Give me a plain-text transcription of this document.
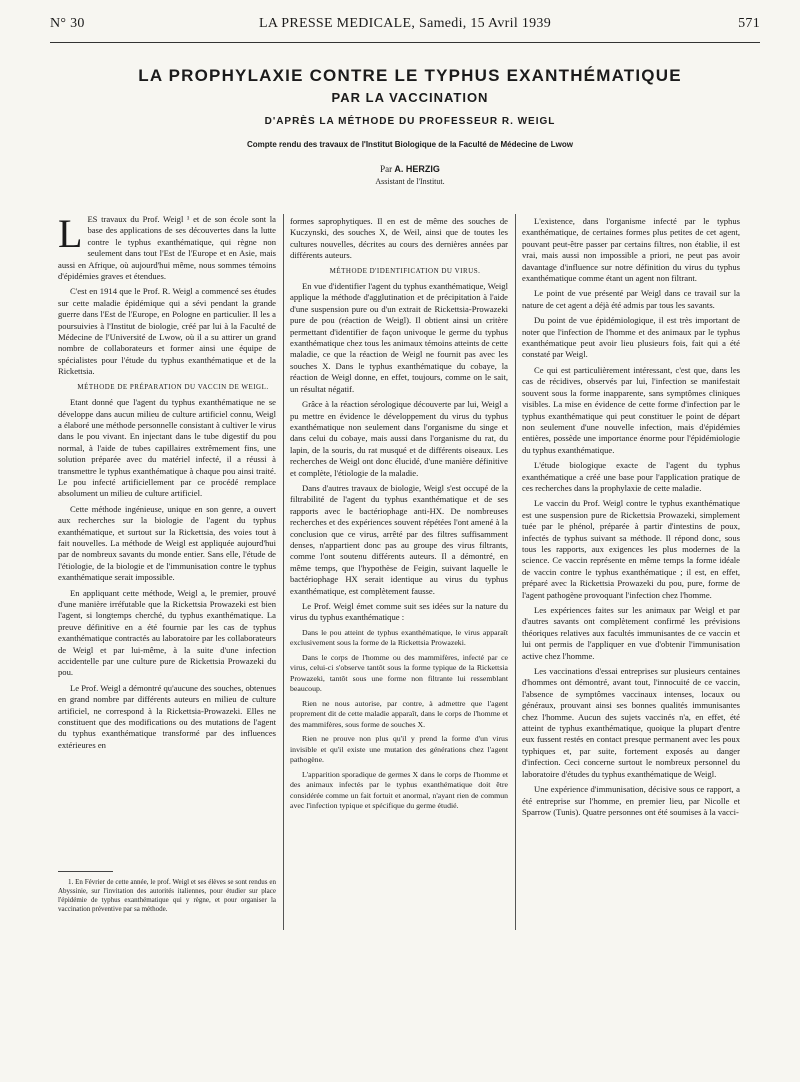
N° 30	LA PRESSE MEDICALE, Samedi, 15 Avril 1939	571
LA PROPHYLAXIE CONTRE LE TYPHUS EXANTHÉMATIQUE
PAR LA VACCINATION
D'APRÈS LA MÉTHODE DU PROFESSEUR R. WEIGL
Compte rendu des travaux de l'Institut Biologique de la Faculté de Médecine de Lwow
Par A. HERZIG
Assistant de l'Institut.

LES travaux du Prof. Weigl ¹ et de son école sont la base des applications de ses découvertes dans la lutte contre le typhus exanthématique, qui règne non seulement dans tout l'Est de l'Europe et en Asie, mais aussi en Afrique, où aujourd'hui même, nous sommes témoins d'épidémies graves et étendues.

C'est en 1914 que le Prof. R. Weigl a commencé ses études sur cette maladie épidémique qui a sévi pendant la grande guerre dans l'Est de l'Europe, en Pologne en particulier. Il les a poursuivies à l'Institut de biologie, créé par lui à la Faculté de Médecine de l'Université de Lwow, où il a su attirer un grand nombre de collaborateurs et former ainsi une équipe de spécialistes pour l'étude du typhus exanthématique et de la Rickettsia.

MÉTHODE DE PRÉPARATION DU VACCIN DE WEIGL.

Etant donné que l'agent du typhus exanthématique ne se développe dans aucun milieu de culture artificiel connu, Weigl a élaboré une méthode personnelle consistant à cultiver le virus dans le pou vivant. En injectant dans le tube digestif du pou normal, à l'aide de tubes capillaires extrêmement fins, une solution préparée avec du matériel infecté, il a réussi à transmettre le typhus exanthématique à chaque pou ainsi traité. Le pou infecté artificiellement par ce procédé remplace absolument un milieu de culture artificiel.

Cette méthode ingénieuse, unique en son genre, a ouvert aux recherches sur la biologie de l'agent du typhus exanthématique, et surtout sur la Rickettsia, des voies tout à fait nouvelles. La méthode de Weigl est appliquée aujourd'hui par de nombreux savants du monde entier. Sans elle, l'étude de l'étiologie, de la biologie et de l'immunisation contre le typhus exanthématique serait impossible.

En appliquant cette méthode, Weigl a, le premier, prouvé d'une manière irréfutable que la Rickettsia Prowazeki est bien l'agent, si longtemps cherché, du typhus exanthématique. La preuve définitive en a été fournie par les cas de typhus exanthématique contractés au laboratoire par les collaborateurs de Weigl et par lui-même, à la suite d'une infection accidentelle par une culture pure de Rickettsia Prowazeki du pou.

Le Prof. Weigl a démontré qu'aucune des souches, obtenues en grand nombre par différents auteurs en milieu de culture artificiel, ne correspond à la Rickettsia-Prowazeki. Elles ne constituent que des modifications ou des mutations de l'agent du typhus exanthématique transformé par des influences extérieures en

1. En Février de cette année, le prof. Weigl et ses élèves se sont rendus en Abyssinie, sur l'invitation des autorités italiennes, pour étudier sur place l'épidémie de typhus exanthématique qui y règne, et pour organiser la vaccination préventive par sa méthode.

formes saprophytiques. Il en est de même des souches de Kuczynski, des souches X, de Weil, ainsi que de toutes les cultures nouvelles, décrites au cours des dernières années par différents auteurs.

MÉTHODE D'IDENTIFICATION DU VIRUS.

En vue d'identifier l'agent du typhus exanthématique, Weigl applique la méthode d'agglutination et de précipitation à l'aide d'une suspension pure ou d'un extrait de Rickettsia-Prowazeki pure de pou (réaction de Weigl). Il obtient ainsi un critère permettant d'identifier de façon univoque le germe du typhus exanthématique chez tous les animaux témoins atteints de cette maladie, ce que la réaction de Weigl ne fournit pas avec les souches X. Dans le typhus exanthématique du cobaye, la réaction de Weigl donne, en effet, toujours, comme on le sait, un résultat négatif.

Grâce à la réaction sérologique découverte par lui, Weigl a pu mettre en évidence le développement du virus du typhus exanthématique non seulement dans l'organisme du singe et dans celui du cobaye, mais aussi dans l'organisme du rat, du lapin, de la souris, du rat musqué et de différents oiseaux. Les recherches de Weigl ont donc élucidé, d'une manière définitive et complète, l'étiologie de la maladie.

Dans d'autres travaux de biologie, Weigl s'est occupé de la filtrabilité de l'agent du typhus exanthématique et de ses rapports avec le bactériophage anti-HX. De nombreuses recherches et des expériences souvent répétées l'ont amené à la conclusion que ce virus, arrêté par des filtres suffisamment denses, n'appartient donc pas au groupe des virus filtrants, comme l'ont soutenu différents auteurs. Il a démontré, en même temps, que l'hypothèse de Feigin, suivant laquelle le bactériophage HX serait identique au virus du typhus exanthématique, est complètement fausse.

Le Prof. Weigl émet comme suit ses idées sur la nature du virus du typhus exanthématique :

Dans le pou atteint de typhus exanthématique, le virus apparaît exclusivement sous la forme de la Rickettsia Prowazeki.

Dans le corps de l'homme ou des mammifères, infecté par ce virus, celui-ci s'observe tantôt sous la forme typique de la Rickettsia Prowazeki, tantôt sous une forme non filtrante lui ressemblant beaucoup.

Rien ne nous autorise, par contre, à admettre que l'agent proprement dit de cette maladie apparaît, dans le corps de l'homme et des mammifères, sous forme de souches X.

Rien ne prouve non plus qu'il y prend la forme d'un virus invisible et qu'il existe une mutation des générations chez l'agent pathogène.

L'apparition sporadique de germes X dans le corps de l'homme et des animaux infectés par le typhus exanthématique doit être considérée comme un fait fortuit et anormal, n'ayant rien de commun avec l'infection typique et spécifique du germe étudié.

L'existence, dans l'organisme infecté par le typhus exanthématique, de certaines formes plus petites de cet agent, pouvant peut-être passer par certains filtres, non établie, il est vrai, mais aussi non impossible a priori, ne peut pas avoir davantage d'influence sur notre définition du virus du typhus exanthématique comme étant un agent non filtrant.

Le point de vue présenté par Weigl dans ce travail sur la nature de cet agent a déjà été admis par tous les savants.

Du point de vue épidémiologique, il est très important de noter que l'infection de l'homme et des animaux par le typhus exanthématique peut avoir lieu plusieurs fois, fait qui a été constaté par Weigl.

Ce qui est particulièrement intéressant, c'est que, dans les cas de récidives, observés par lui, l'infection se manifestait souvent sous la forme inapparente, sans symptômes cliniques visibles. La mise en évidence de cette forme d'infection par le typhus exanthématique qui peut constituer le point de départ non seulement d'une nouvelle infection, mais d'épidémies entières, possède une importance énorme pour l'épidémiologie du typhus exanthématique.

L'étude biologique exacte de l'agent du typhus exanthématique a créé une base pour l'application pratique de ces recherches dans la prophylaxie de cette maladie.

Le vaccin du Prof. Weigl contre le typhus exanthématique est une suspension pure de Rickettsia Prowazeki, simplement tuée par le phénol, préparée à partir d'intestins de poux, infectés de typhus suivant sa méthode. Il répond donc, sous tous les rapports, aux exigences les plus modernes de la science. Ce vaccin représente en même temps la forme idéale de vaccin contre le typhus exanthématique ; il est, en effet, préparé avec la Rickettsia Prowazeki du pou, pure, forme de l'agent pathogène provoquant l'infection chez l'homme.

Les expériences faites sur les animaux par Weigl et par d'autres savants ont complètement confirmé les prévisions théoriques relatives aux facultés immunisantes de ce vaccin et lui ont permis de l'appliquer en vue d'obtenir l'immunisation active chez l'homme.

Les vaccinations d'essai entreprises sur plusieurs centaines d'hommes ont démontré, avant tout, l'innocuité de ce vaccin, l'absence de symptômes vaccinaux intenses, locaux ou généraux, prouvant ainsi ses bonnes qualités immunisantes chez l'homme. Aucun des sujets vaccinés n'a, en effet, été atteint de typhus exanthématique, quoique la plupart d'entre eux fussent restés en contact presque permanent avec les poux typhiques et, par suite, fortement exposés au danger d'infection. Ceci concerne surtout le nombreux personnel du laboratoire d'études du typhus exanthématique de Weigl.

Une expérience d'immunisation, décisive sous ce rapport, a été entreprise sur l'homme, en premier lieu, par Nicolle et Sparrow (Tunis). Quatre personnes ont été soumises à la vacci-
